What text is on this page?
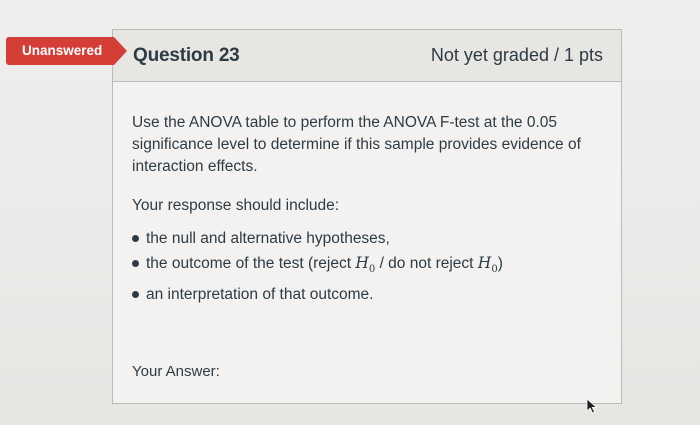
Question 23	Not yet graded / 1 pts
Unanswered

Use the ANOVA table to perform the ANOVA F-test at the 0.05 significance level to determine if this sample provides evidence of interaction effects.

Your response should include:

the null and alternative hypotheses,
the outcome of the test (reject $H_0$ / do not reject $H_0$)
an interpretation of that outcome.
Your Answer:
